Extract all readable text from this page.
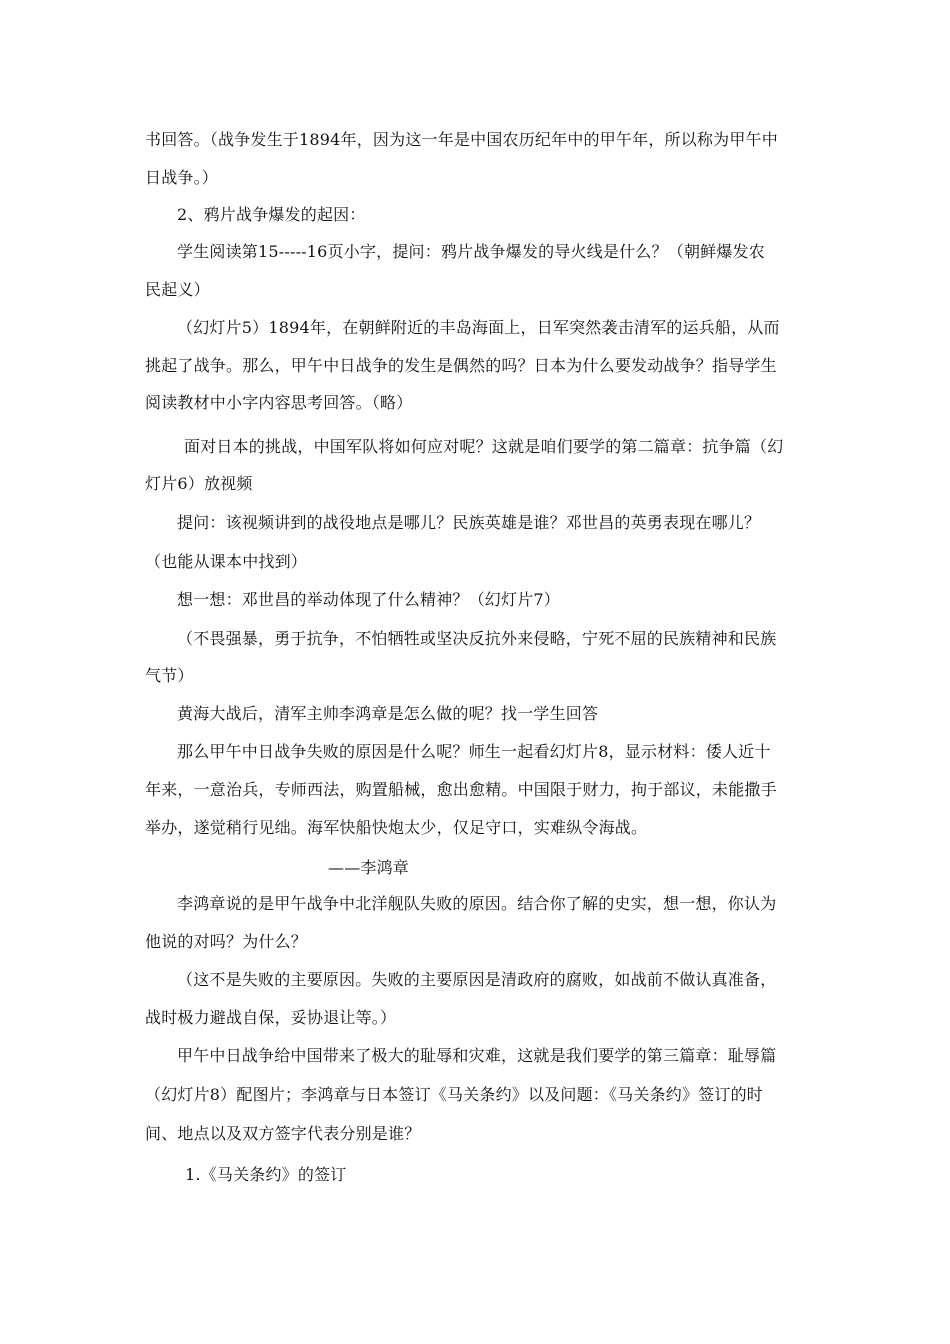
书回答。（战争发生于1894年，因为这一年是中国农历纪年中的甲午年，所以称为甲午中
日战争。）
2、鸦片战争爆发的起因：
学生阅读第15-----16页小字，提问：鸦片战争爆发的导火线是什么？（朝鲜爆发农
民起义）
（幻灯片5）1894年，在朝鲜附近的丰岛海面上，日军突然袭击清军的运兵船，从而
挑起了战争。那么，甲午中日战争的发生是偶然的吗？日本为什么要发动战争？指导学生
阅读教材中小字内容思考回答。（略）
面对日本的挑战，中国军队将如何应对呢？这就是咱们要学的第二篇章：抗争篇（幻
灯片6）放视频
提问：该视频讲到的战役地点是哪儿？民族英雄是谁？邓世昌的英勇表现在哪儿？
（也能从课本中找到）
想一想：邓世昌的举动体现了什么精神？（幻灯片7）
（不畏强暴，勇于抗争，不怕牺牲或坚决反抗外来侵略，宁死不屈的民族精神和民族
气节）
黄海大战后，清军主帅李鸿章是怎么做的呢？找一学生回答
那么甲午中日战争失败的原因是什么呢？师生一起看幻灯片8，显示材料：倭人近十
年来，一意治兵，专师西法，购置船械，愈出愈精。中国限于财力，拘于部议，未能撒手
举办，遂觉稍行见绌。海军快船快炮太少，仅足守口，实难纵令海战。
——李鸿章
李鸿章说的是甲午战争中北洋舰队失败的原因。结合你了解的史实，想一想，你认为
他说的对吗？为什么？
（这不是失败的主要原因。失败的主要原因是清政府的腐败，如战前不做认真准备，
战时极力避战自保，妥协退让等。）
甲午中日战争给中国带来了极大的耻辱和灾难，这就是我们要学的第三篇章：耻辱篇
（幻灯片8）配图片；李鸿章与日本签订《马关条约》以及问题：《马关条约》签订的时
间、地点以及双方签字代表分别是谁？
1.《马关条约》的签订
